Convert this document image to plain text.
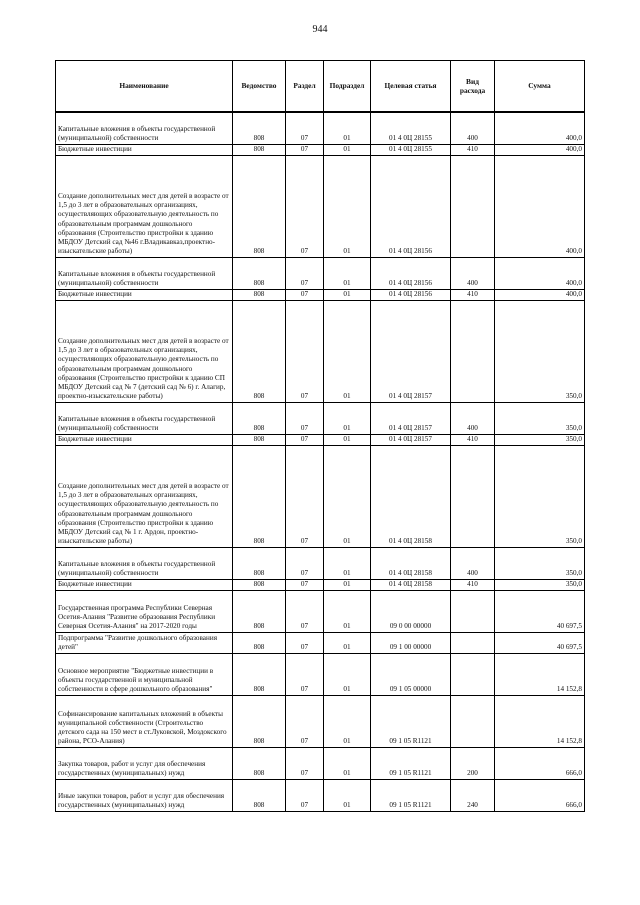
944
Наименование	Ведомство	Раздел	Подраздел	Целевая статья	Вид расхода	Сумма
Капитальные вложения в объекты государственной (муниципальной) собственности	808	07	01	01 4 0Ц 28155	400	400,0
Бюджетные инвестиции	808	07	01	01 4 0Ц 28155	410	400,0
Создание дополнительных мест для детей в возрасте от 1,5 до 3 лет в образовательных организациях, осуществляющих образовательную деятельность по образовательным программам дошкольного образования (Строительство пристройки к зданию МБДОУ Детский сад №46 г.Владикавказ,проектно-изыскательские работы)	808	07	01	01 4 0Ц 28156		400,0
Капитальные вложения в объекты государственной (муниципальной) собственности	808	07	01	01 4 0Ц 28156	400	400,0
Бюджетные инвестиции	808	07	01	01 4 0Ц 28156	410	400,0
Создание дополнительных мест для детей в возрасте от 1,5 до 3 лет в образовательных организациях, осуществляющих образовательную деятельность по образовательным программам дошкольного образования (Строительство пристройки к зданию СП МБДОУ Детский сад № 7 (детский сад № 6) г. Алагир, проектно-изыскательские работы)	808	07	01	01 4 0Ц 28157		350,0
Капитальные вложения в объекты государственной (муниципальной) собственности	808	07	01	01 4 0Ц 28157	400	350,0
Бюджетные инвестиции	808	07	01	01 4 0Ц 28157	410	350,0
Создание дополнительных мест для детей в возрасте от 1,5 до 3 лет в образовательных организациях, осуществляющих образовательную деятельность по образовательным программам дошкольного образования (Строительство пристройки к зданию МБДОУ Детский сад № 1 г. Ардон, проектно-изыскательские работы)	808	07	01	01 4 0Ц 28158		350,0
Капитальные вложения в объекты государственной (муниципальной) собственности	808	07	01	01 4 0Ц 28158	400	350,0
Бюджетные инвестиции	808	07	01	01 4 0Ц 28158	410	350,0
Государственная программа Республики Северная Осетия-Алания "Развитие образования Республики Северная Осетия-Алания" на 2017-2020 годы	808	07	01	09 0 00 00000		40 697,5
Подпрограмма "Развитие дошкольного образования детей"	808	07	01	09 1 00 00000		40 697,5
Основное мероприятие "Бюджетные инвестиции в объекты государственной и муниципальной собственности в сфере дошкольного образования"	808	07	01	09 1 05 00000		14 152,8
Софинансирование капитальных вложений в объекты муниципальной собственности (Строительство детского сада на 150 мест в ст.Луковской, Моздокского района, РСО-Алания)	808	07	01	09 1 05 R1121		14 152,8
Закупка товаров, работ и услуг для обеспечения государственных (муниципальных) нужд	808	07	01	09 1 05 R1121	200	666,0
Иные закупки товаров, работ и услуг для обеспечения государственных (муниципальных) нужд	808	07	01	09 1 05 R1121	240	666,0
